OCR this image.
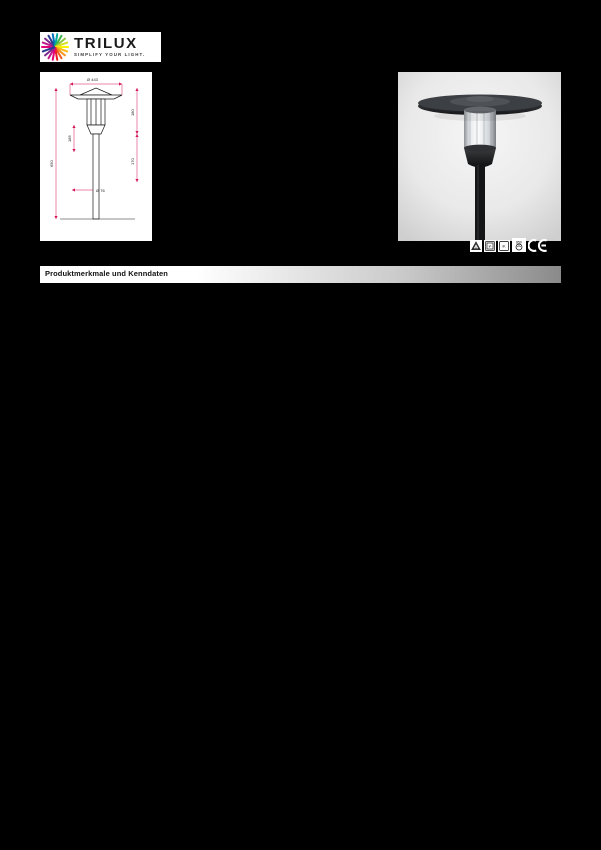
TRILUX
SIMPLIFY YOUR LIGHT.
Ø 443
650
185
180
170
Ø 76
II	IP	IK
850
Produktmerkmale und Kenndaten
